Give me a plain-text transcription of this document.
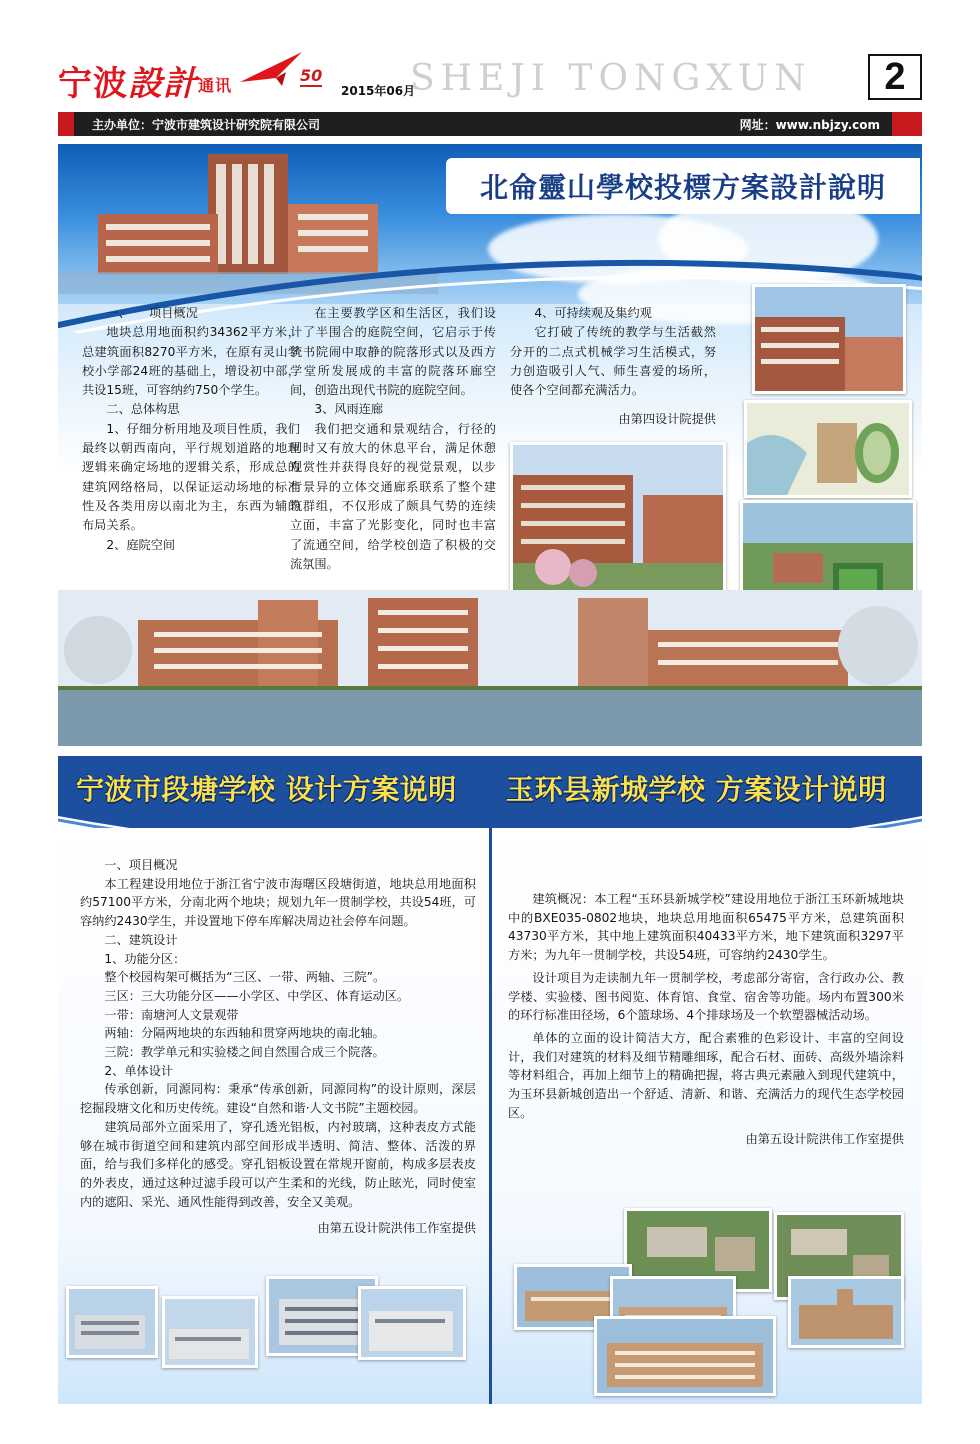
宁波設計通讯
50
2015年06月
SHEJI TONGXUN	2
主办单位：宁波市建筑设计研究院有限公司	网址：www.nbjzy.com
北侖靈山學校投標方案設計說明

一、　　项目概况

地块总用地面积约34362平方米，总建筑面积8270平方米，在原有灵山学校小学部24班的基础上，增设初中部，共设15班，可容纳约750个学生。

二、总体构思

1、仔细分析用地及项目性质，我们最终以朝西南向，平行规划道路的地理逻辑来确定场地的逻辑关系，形成总的建筑网络格局，以保证运动场地的标准性及各类用房以南北为主，东西为辅的布局关系。

2、庭院空间

在主要教学区和生活区，我们设计了半围合的庭院空间，它启示于传统书院闹中取静的院落形式以及西方学堂所发展成的丰富的院落环廊空间，创造出现代书院的庭院空间。

3、风雨连廊

我们把交通和景观结合，行径的同时又有放大的休息平台，满足休憩观赏性并获得良好的视觉景观，以步行景异的立体交通廊系联系了整个建筑群组，不仅形成了颇具气势的连续立面，丰富了光影变化，同时也丰富了流通空间，给学校创造了积极的交流氛围。

4、可持续观及集约观

它打破了传统的教学与生活截然分开的二点式机械学习生活模式，努力创造吸引人气、师生喜爱的场所，使各个空间都充满活力。

由第四设计院提供

宁波市段塘学校 设计方案说明 玉环县新城学校 方案设计说明

一、项目概况

本工程建设用地位于浙江省宁波市海曙区段塘街道，地块总用地面积约57100平方米，分南北两个地块；规划九年一贯制学校，共设54班，可容纳约2430学生，并设置地下停车库解决周边社会停车问题。

二、建筑设计

1、功能分区：

整个校园构架可概括为“三区、一带、两轴、三院”。

三区：三大功能分区——小学区、中学区、体育运动区。

一带：南塘河人文景观带

两轴：分隔两地块的东西轴和贯穿两地块的南北轴。

三院：教学单元和实验楼之间自然围合成三个院落。

2、单体设计

传承创新，同源同构：秉承“传承创新，同源同构”的设计原则，深层挖掘段塘文化和历史传统。建设“自然和谐·人文书院”主题校园。

建筑局部外立面采用了，穿孔透光铝板，内衬玻璃，这种表皮方式能够在城市街道空间和建筑内部空间形成半透明、简洁、整体、活泼的界面，给与我们多样化的感受。穿孔铝板设置在常规开窗前，构成多层表皮的外表皮，通过这种过滤手段可以产生柔和的光线，防止眩光，同时使室内的遮阳、采光、通风性能得到改善，安全又美观。

由第五设计院洪伟工作室提供

建筑概况：本工程“玉环县新城学校”建设用地位于浙江玉环新城地块中的BXE035-0802地块，地块总用地面积65475平方米，总建筑面积43730平方米，其中地上建筑面积40433平方米，地下建筑面积3297平方米；为九年一贯制学校，共设54班，可容纳约2430学生。

设计项目为走读制九年一贯制学校，考虑部分寄宿，含行政办公、教学楼、实验楼、图书阅览、体育馆、食堂、宿舍等功能。场内布置300米的环行标准田径场，6个篮球场、4个排球场及一个软塑器械活动场。

单体的立面的设计简洁大方，配合素雅的色彩设计、丰富的空间设计，我们对建筑的材料及细节精雕细琢，配合石材、面砖、高级外墙涂料等材料组合，再加上细节上的精确把握，将古典元素融入到现代建筑中，为玉环县新城创造出一个舒适、清新、和谐、充满活力的现代生态学校园区。

由第五设计院洪伟工作室提供
